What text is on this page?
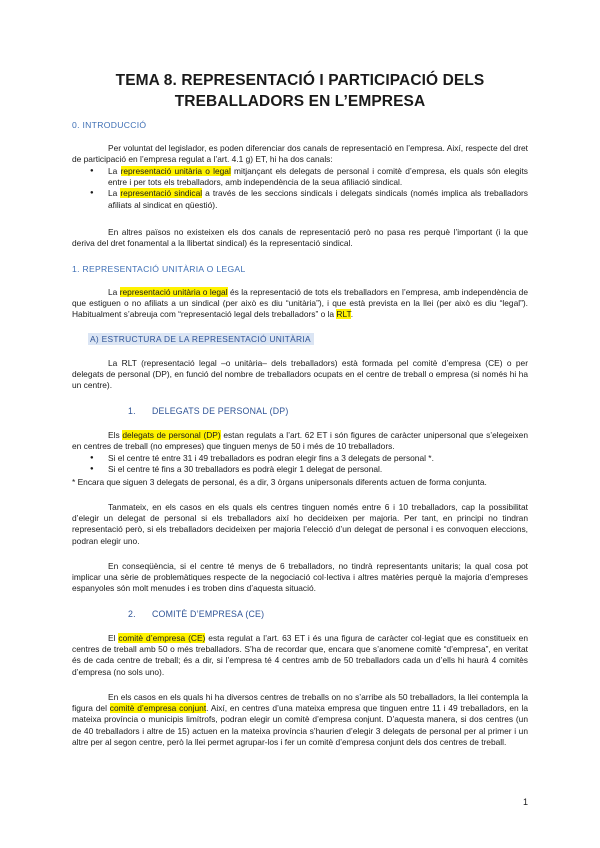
TEMA 8. REPRESENTACIÓ I PARTICIPACIÓ DELS
TREBALLADORS EN L’EMPRESA
0. INTRODUCCIÓ
Per voluntat del legislador, es poden diferenciar dos canals de representació en l’empresa. Així, respecte del dret de participació en l’empresa regulat a l’art. 4.1 g) ET, hi ha dos canals:
● La representació unitària o legal mitjançant els delegats de personal i comitè d’empresa, els quals són elegits entre i per tots els treballadors, amb independència de la seua afiliació sindical.
● La representació sindical a través de les seccions sindicals i delegats sindicals (només implica als treballadors afiliats al sindicat en qüestió).
En altres països no existeixen els dos canals de representació però no pasa res perquè l’important (i la que deriva del dret fonamental a la llibertat sindical) és la representació sindical.
1. REPRESENTACIÓ UNITÀRIA O LEGAL
La representació unitària o legal és la representació de tots els treballadors en l’empresa, amb independència de que estiguen o no afiliats a un sindical (per això es diu “unitària”), i que està prevista en la llei (per això es diu “legal”). Habitualment s’abreuja com “representació legal dels treballadors” o la RLT.
A) ESTRUCTURA DE LA REPRESENTACIÓ UNITÀRIA
La RLT (representació legal –o unitària– dels treballadors) està formada pel comitè d’empresa (CE) o per delegats de personal (DP), en funció del nombre de treballadors ocupats en el centre de treball o empresa (si només hi ha un centre).
1. DELEGATS DE PERSONAL (DP)
Els delegats de personal (DP) estan regulats a l’art. 62 ET i són figures de caràcter unipersonal que s’elegeixen en centres de treball (no empreses) que tinguen menys de 50 i més de 10 treballadors.
● Si el centre té entre 31 i 49 treballadors es podran elegir fins a 3 delegats de personal *.
● Si el centre té fins a 30 treballadors es podrà elegir 1 delegat de personal.
* Encara que siguen 3 delegats de personal, és a dir, 3 òrgans unipersonals diferents actuen de forma conjunta.
Tanmateix, en els casos en els quals els centres tinguen només entre 6 i 10 treballadors, cap la possibilitat d’elegir un delegat de personal si els treballadors així ho decideixen per majoria. Per tant, en principi no tindran representació però, si els treballadors decideixen per majoria l’elecció d’un delegat de personal i es convoquen eleccions, podran elegir uno.
En conseqüència, si el centre té menys de 6 treballadors, no tindrà representants unitaris; la qual cosa pot implicar una sèrie de problemàtiques respecte de la negociació col·lectiva i altres matèries perquè la majoria d’empreses espanyoles són molt menudes i es troben dins d’aquesta situació.
2. COMITÈ D’EMPRESA (CE)
El comitè d’empresa (CE) esta regulat a l’art. 63 ET i és una figura de caràcter col·legiat que es constitueix en centres de treball amb 50 o més treballadors. S’ha de recordar que, encara que s’anomene comitè “d’empresa”, en veritat és de cada centre de treball; és a dir, si l’empresa té 4 centres amb de 50 treballadors cada un d’ells hi haurà 4 comitès d’empresa (no sols uno).
En els casos en els quals hi ha diversos centres de treballs on no s’arribe als 50 treballadors, la llei contempla la figura del comitè d’empresa conjunt. Així, en centres d’una mateixa empresa que tinguen entre 11 i 49 treballadors, en la mateixa província o municipis limítrofs, podran elegir un comitè d’empresa conjunt. D’aquesta manera, si dos centres (un de 40 treballadors i altre de 15) actuen en la mateixa província s’haurien d’elegir 3 delegats de personal per al primer i un altre per al segon centre, però la llei permet agrupar-los i fer un comitè d’empresa conjunt dels dos centres de treball.
1
